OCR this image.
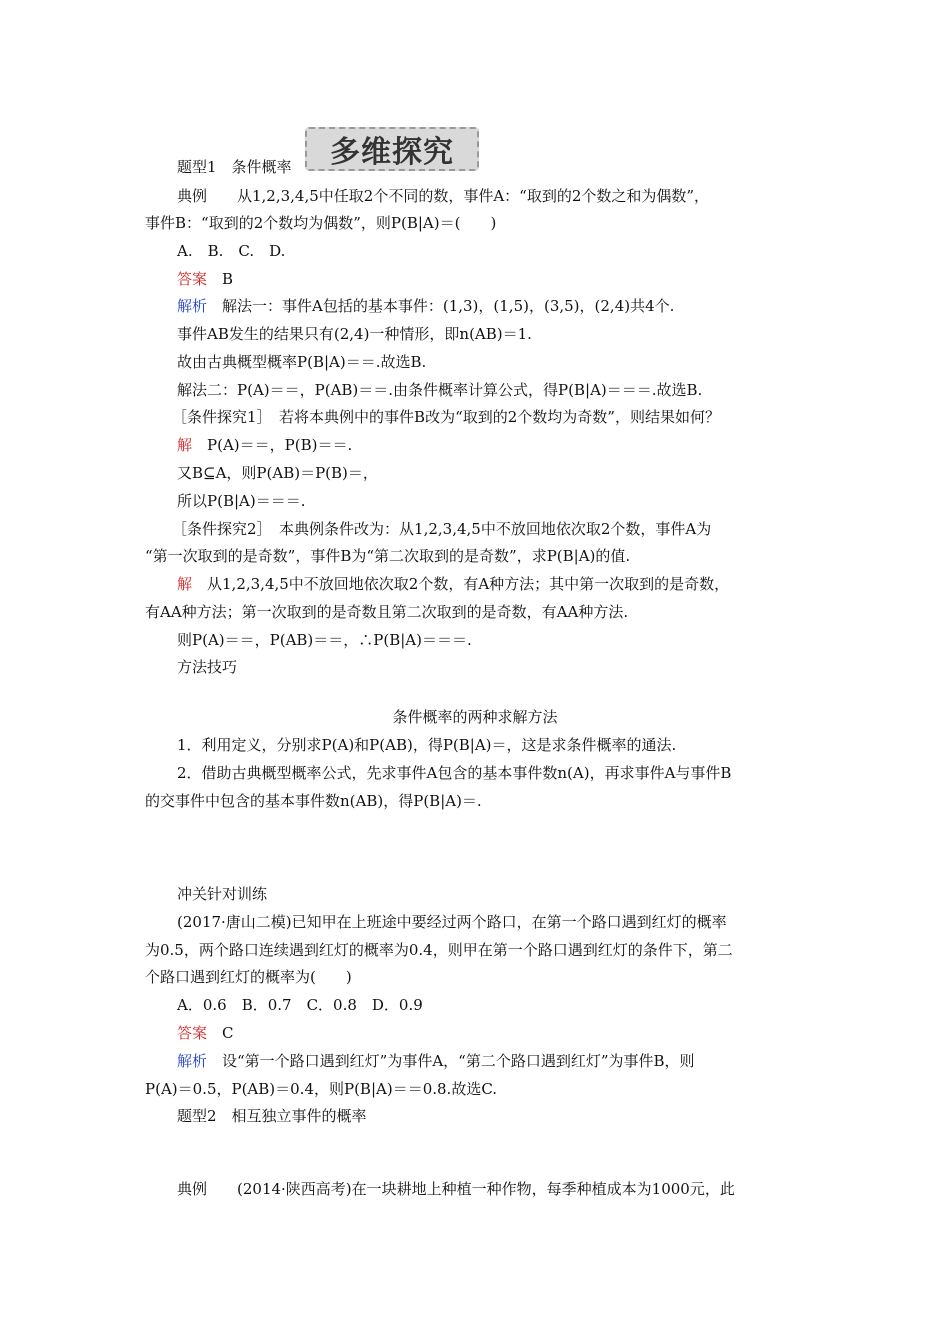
多维探究
题型1　条件概率
典例　　从1,2,3,4,5中任取2个不同的数，事件A：“取到的2个数之和为偶数”，
事件B：“取到的2个数均为偶数”，则P(B|A)＝(　　)
A.　B.　C.　D.
答案　B
解析　解法一：事件A包括的基本事件：(1,3)，(1,5)，(3,5)，(2,4)共4个.
事件AB发生的结果只有(2,4)一种情形，即n(AB)＝1.
故由古典概型概率P(B|A)＝＝.故选B.
解法二：P(A)＝＝，P(AB)＝＝.由条件概率计算公式，得P(B|A)＝＝＝.故选B.
［条件探究1］　若将本典例中的事件B改为“取到的2个数均为奇数”，则结果如何？
解　P(A)＝＝，P(B)＝＝.
又B⊆A，则P(AB)＝P(B)＝，
所以P(B|A)＝＝＝.
［条件探究2］　本典例条件改为：从1,2,3,4,5中不放回地依次取2个数，事件A为
“第一次取到的是奇数”，事件B为“第二次取到的是奇数”，求P(B|A)的值.
解　从1,2,3,4,5中不放回地依次取2个数，有A种方法；其中第一次取到的是奇数，
有AA种方法；第一次取到的是奇数且第二次取到的是奇数，有AA种方法.
则P(A)＝＝，P(AB)＝＝，∴P(B|A)＝＝＝.
方法技巧
条件概率的两种求解方法
1．利用定义，分别求P(A)和P(AB)，得P(B|A)＝，这是求条件概率的通法.
2．借助古典概型概率公式，先求事件A包含的基本事件数n(A)，再求事件A与事件B
的交事件中包含的基本事件数n(AB)，得P(B|A)＝.
冲关针对训练
(2017·唐山二模)已知甲在上班途中要经过两个路口，在第一个路口遇到红灯的概率
为0.5，两个路口连续遇到红灯的概率为0.4，则甲在第一个路口遇到红灯的条件下，第二
个路口遇到红灯的概率为(　　)
A．0.6　B．0.7　C．0.8　D．0.9
答案　C
解析　设“第一个路口遇到红灯”为事件A，“第二个路口遇到红灯”为事件B，则
P(A)＝0.5，P(AB)＝0.4，则P(B|A)＝＝0.8.故选C.
题型2　相互独立事件的概率
典例　　(2014·陕西高考)在一块耕地上种植一种作物，每季种植成本为1000元，此
